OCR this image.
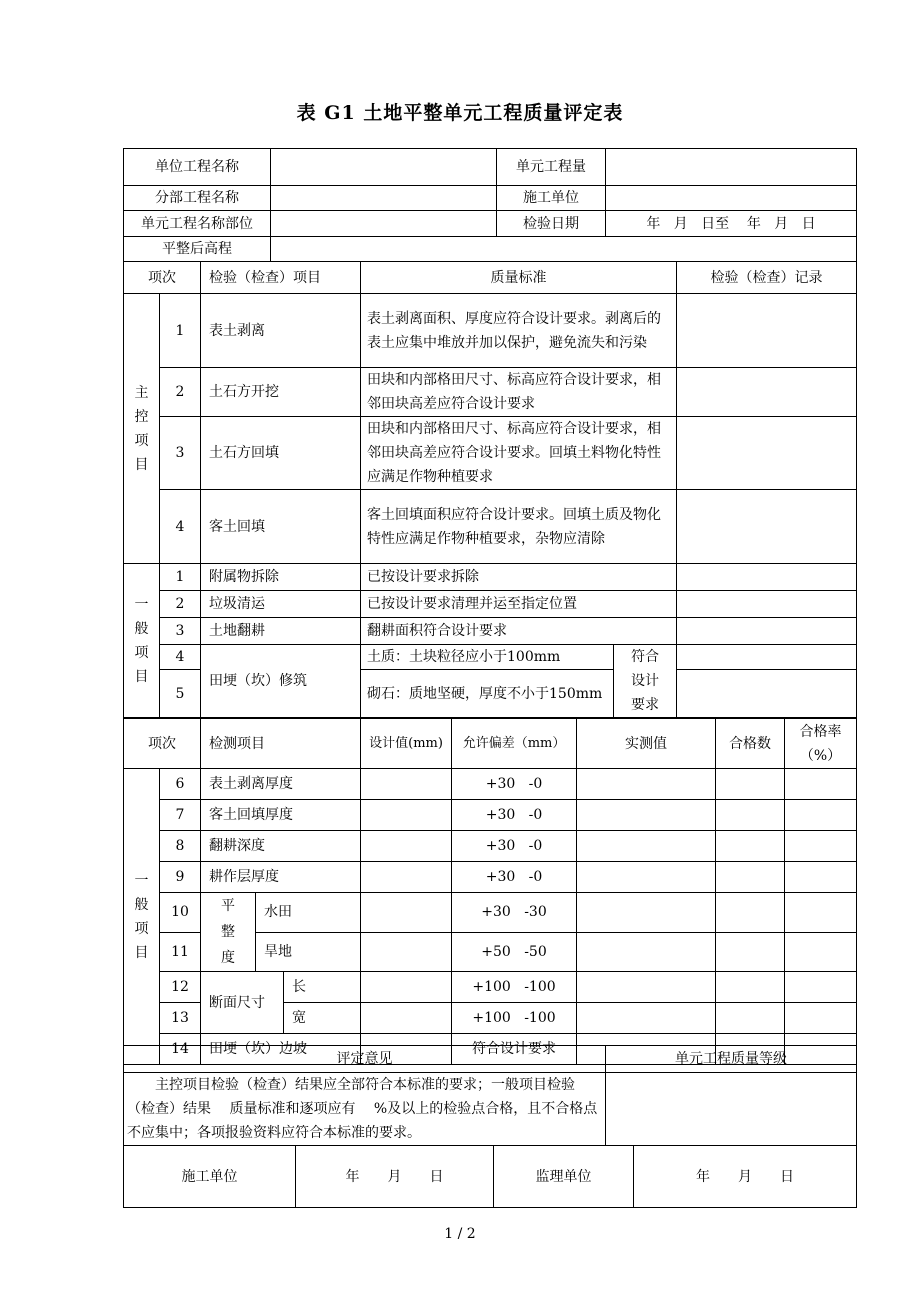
表 G1 土地平整单元工程质量评定表
单位工程名称		单元工程量	
分部工程名称		施工单位	
单元工程名称部位		检验日期	年   月   日至    年   月   日
平整后高程			
项次		检验（检查）项目	质量标准		检验（检查）记录
主控项目	1	表土剥离	表土剥离面积、厚度应符合设计要求。剥离后的表土应集中堆放并加以保护，避免流失和污染		
	2	土石方开挖	田块和内部格田尺寸、标高应符合设计要求，相邻田块高差应符合设计要求		
	3	土石方回填	田块和内部格田尺寸、标高应符合设计要求，相邻田块高差应符合设计要求。回填土料物化特性应满足作物种植要求		
	4	客土回填	客土回填面积应符合设计要求。回填土质及物化特性应满足作物种植要求，杂物应清除		
一般项目	1	附属物拆除	已按设计要求拆除		
	2	垃圾清运	已按设计要求清理并运至指定位置		
	3	土地翻耕	翻耕面积符合设计要求		
	4	田埂（坎）修筑	土质：土块粒径应小于100mm	符合设计要求	
	5		砌石：质地坚硬，厚度不小于150mm		

项次		检测项目			设计值(mm)	允许偏差（mm）	实测值	合格数	合格率（%）
一般项目	6	表土剥离厚度				+30   -0			
	7	客土回填厚度				+30   -0			
	8	翻耕深度				+30   -0			
	9	耕作层厚度				+30   -0			
	10	平整度	水田			+30   -30			
	11		旱地			+50   -50			
	12	断面尺寸		长		+100   -100			
	13			宽		+100   -100			
	14	田埂（坎）边坡				符合设计要求			
评定意见	单元工程质量等级
主控项目检验（检查）结果应全部符合本标准的要求；一般项目检验（检查）结果　 质量标准和逐项应有　 %及以上的检验点合格，且不合格点不应集中；各项报验资料应符合本标准的要求。	
施工单位	年　　月　　日	监理单位	年　　月　　日
1 / 2
